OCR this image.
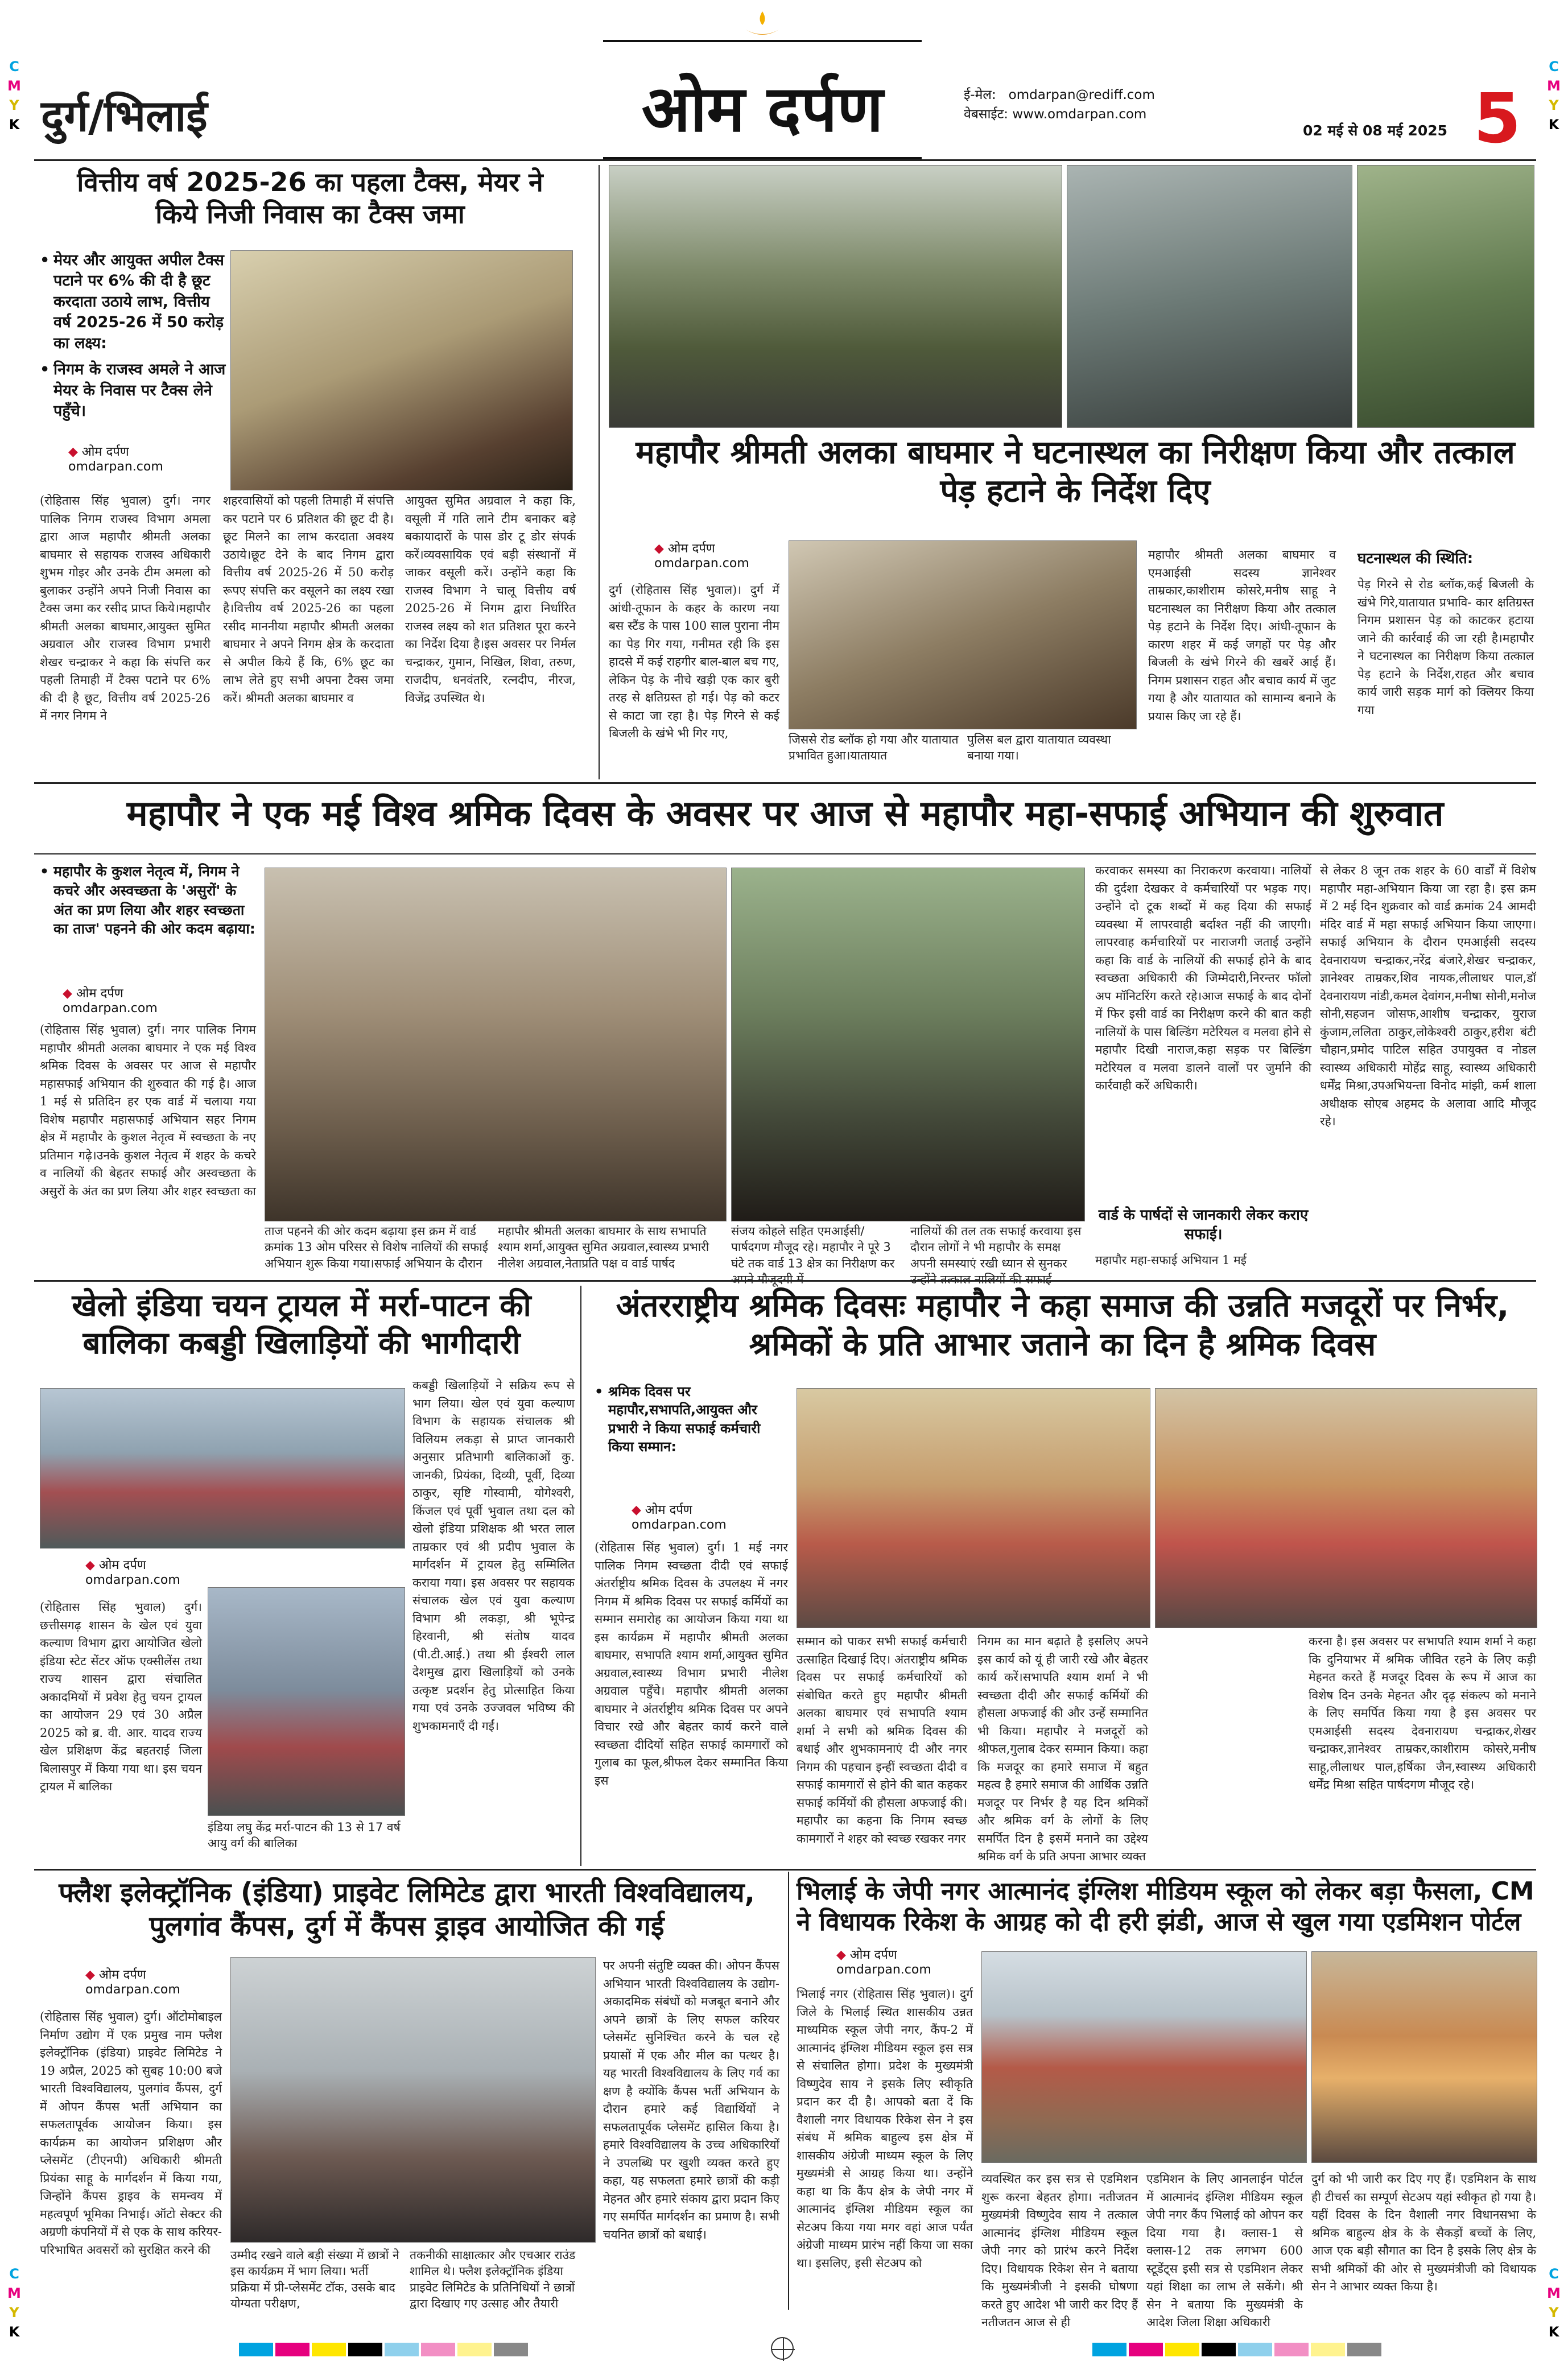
C
M
Y
K
C
M
Y
K
C
M
Y
K
C
M
Y
K
दुर्ग/भिलाई	ओम दर्पण	ई-मेल: omdarpan@rediff.com
वेबसाईट: www.omdarpan.com
02 मई से 08 मई 2025 5
वित्तीय वर्ष 2025-26 का पहला टैक्स, मेयर ने किये निजी निवास का टैक्स जमा
• मेयर और आयुक्त अपील टैक्स पटाने पर 6% की दी है छूट करदाता उठाये लाभ, वित्तीय वर्ष 2025-26 में 50 करोड़ का लक्ष्य:
• निगम के राजस्व अमले ने आज मेयर के निवास पर टैक्स लेने पहुँचे।
◆ ओम दर्पण
omdarpan.com
(रोहितास सिंह भुवाल) दुर्ग। नगर पालिक निगम राजस्व विभाग अमला द्वारा आज महापौर श्रीमती अलका बाघमार से सहायक राजस्व अधिकारी शुभम गोइर और उनके टीम अमला को बुलाकर उन्होंने अपने निजी निवास का टैक्स जमा कर रसीद प्राप्त किये।महापौर श्रीमती अलका बाघमार,आयुक्त सुमित अग्रवाल और राजस्व विभाग प्रभारी शेखर चन्द्राकर ने कहा कि संपत्ति कर पहली तिमाही में टैक्स पटाने पर 6% की दी है छूट, वित्तीय वर्ष 2025-26 में नगर निगम ने
शहरवासियों को पहली तिमाही में संपत्ति कर पटाने पर 6 प्रतिशत की छूट दी है। छूट मिलने का लाभ करदाता अवश्य उठाये।छूट देने के बाद निगम द्वारा वित्तीय वर्ष 2025-26 में 50 करोड़ रूपए संपत्ति कर वसूलने का लक्ष्य रखा है।वित्तीय वर्ष 2025-26 का पहला रसीद माननीया महापौर श्रीमती अलका बाघमार ने अपने निगम क्षेत्र के करदाता से अपील किये हैं कि, 6% छूट का लाभ लेते हुए सभी अपना टैक्स जमा करें। श्रीमती अलका बाघमार व
आयुक्त सुमित अग्रवाल ने कहा कि, वसूली में गति लाने टीम बनाकर बड़े बकायादारों के पास डोर टू डोर संपर्क करें।व्यवसायिक एवं बड़ी संस्थानों में जाकर वसूली करें। उन्होंने कहा कि राजस्व विभाग ने चालू वित्तीय वर्ष 2025-26 में निगम द्वारा निर्धारित राजस्व लक्ष्य को शत प्रतिशत पूरा करने का निर्देश दिया है।इस अवसर पर निर्मल चन्द्राकर, गुमान, निखिल, शिवा, तरुण, राजदीप, धनवंतरि, रत्नदीप, नीरज, विजेंद्र उपस्थित थे।
महापौर श्रीमती अलका बाघमार ने घटनास्थल का निरीक्षण किया और तत्काल पेड़ हटाने के निर्देश दिए
◆ ओम दर्पण
omdarpan.com
दुर्ग (रोहितास सिंह भुवाल)। दुर्ग में आंधी-तूफान के कहर के कारण नया बस स्टैंड के पास 100 साल पुराना नीम का पेड़ गिर गया, गनीमत रही कि इस हादसे में कई राहगीर बाल-बाल बच गए, लेकिन पेड़ के नीचे खड़ी एक कार बुरी तरह से क्षतिग्रस्त हो गई। पेड़ को कटर से काटा जा रहा है। पेड़ गिरने से कई बिजली के खंभे भी गिर गए,	जिससे रोड ब्लॉक हो गया और यातायात प्रभावित हुआ।यातायात
पुलिस बल द्वारा यातायात व्यवस्था बनाया गया।
महापौर श्रीमती अलका बाघमार व एमआईसी सदस्य ज्ञानेश्वर ताम्रकार,काशीराम कोसरे,मनीष साहू ने घटनास्थल का निरीक्षण किया और तत्काल पेड़ हटाने के निर्देश दिए। आंधी-तूफान के कारण शहर में कई जगहों पर पेड़ और बिजली के खंभे गिरने की खबरें आई हैं। निगम प्रशासन राहत और बचाव कार्य में जुट गया है और यातायात को सामान्य बनाने के प्रयास किए जा रहे हैं।
घटनास्थल की स्थिति:
पेड़ गिरने से रोड ब्लॉक,कई बिजली के खंभे गिरे,यातायात प्रभावि- कार क्षतिग्रस्त निगम प्रशासन पेड़ को काटकर हटाया जाने की कार्रवाई की जा रही है।महापौर ने घटनास्थल का निरीक्षण किया तत्काल पेड़ हटाने के निर्देश,राहत और बचाव कार्य जारी सड़क मार्ग को क्लियर किया गया
महापौर ने एक मई विश्व श्रमिक दिवस के अवसर पर आज से महापौर महा-सफाई अभियान की शुरुवात
• महापौर के कुशल नेतृत्व में, निगम ने कचरे और अस्वच्छता के 'असुरों' के अंत का प्रण लिया और शहर स्वच्छता का ताज' पहनने की ओर कदम बढ़ाया:
◆ ओम दर्पण
omdarpan.com
(रोहितास सिंह भुवाल) दुर्ग। नगर पालिक निगम महापौर श्रीमती अलका बाघमार ने एक मई विश्व श्रमिक दिवस के अवसर पर आज से महापौर महासफाई अभियान की शुरुवात की गई है। आज 1 मई से प्रतिदिन हर एक वार्ड में चलाया गया विशेष महापौर महासफाई अभियान सहर निगम क्षेत्र में महापौर के कुशल नेतृत्व में स्वच्छता के नए प्रतिमान गढ़े।उनके कुशल नेतृत्व में शहर के कचरे व नालियों की बेहतर सफाई और अस्वच्छता के असुरों के अंत का प्रण लिया और शहर स्वच्छता का
ताज पहनने की ओर कदम बढ़ाया इस क्रम में वार्ड क्रमांक 13 ओम परिसर से विशेष नालियों की सफाई अभियान शुरू किया गया।सफाई अभियान के दौरान
महापौर श्रीमती अलका बाघमार के साथ सभापति श्याम शर्मा,आयुक्त सुमित अग्रवाल,स्वास्थ्य प्रभारी नीलेश अग्रवाल,नेताप्रति पक्ष व वार्ड पार्षद
संजय कोहले सहित एमआईसी/पार्षदगण मौजूद रहे। महापौर ने पूरे 3 घंटे तक वार्ड 13 क्षेत्र का निरीक्षण कर
नालियों की तल तक सफाई करवाया इस दौरान लोगों ने भी महापौर के समक्ष अपनी समस्याएं रखी ध्यान से सुनकर
करवाकर समस्या का निराकरण करवाया। नालियों की दुर्दशा देखकर वे कर्मचारियों पर भड़क गए। उन्होंने दो टूक शब्दों में कह दिया की सफाई व्यवस्था में लापरवाही बर्दाश्त नहीं की जाएगी। लापरवाह कर्मचारियों पर नाराजगी जताई उन्होंने कहा कि वार्ड के नालियों की सफाई होने के बाद स्वच्छता अधिकारी की जिम्मेदारी,निरन्तर फॉलो अप मॉनिटरिंग करते रहे।आज सफाई के बाद दोनों में फिर इसी वार्ड का निरीक्षण करने की बात कही नालियों के पास बिल्डिंग मटेरियल व मलवा होने से महापौर दिखी नाराज,कहा सड़क पर बिल्डिंग मटेरियल व मलवा डालने वालों पर जुर्माने की कार्रवाही करें अधिकारी।
वार्ड के पार्षदों से जानकारी लेकर कराए सफाई।
महापौर महा-सफाई अभियान 1 मई
से लेकर 8 जून तक शहर के 60 वार्डों में विशेष महापौर महा-अभियान किया जा रहा है। इस क्रम में 2 मई दिन शुक्रवार को वार्ड क्रमांक 24 आमदी मंदिर वार्ड में महा सफाई अभियान किया जाएगा। सफाई अभियान के दौरान एमआईसी सदस्य देवनारायण चन्द्राकर,नरेंद्र बंजारे,शेखर चन्द्राकर, ज्ञानेश्वर ताम्रकर,शिव नायक,लीलाधर पाल,डॉ देवनारायण नांडी,कमल देवांगन,मनीषा सोनी,मनोज सोनी,सहजन जोसफ,आशीष चन्द्राकर, युराज कुंजाम,ललिता ठाकुर,लोकेश्वरी ठाकुर,हरीश बंटी चौहान,प्रमोद पाटिल सहित उपायुक्त व नोडल स्वास्थ्य अधिकारी मोहेंद्र साहू, स्वास्थ्य अधिकारी धर्मेंद्र मिश्रा,उपअभियन्ता विनोद मांझी, कर्म शाला अधीक्षक सोएब अहमद के अलावा आदि मौजूद रहे।
खेलो इंडिया चयन ट्रायल में मर्रा-पाटन की बालिका कबड्डी खिलाड़ियों की भागीदारी
◆ ओम दर्पण
omdarpan.com
(रोहितास सिंह भुवाल) दुर्ग। छत्तीसगढ़ शासन के खेल एवं युवा कल्याण विभाग द्वारा आयोजित खेलो इंडिया स्टेट सेंटर ऑफ एक्सीलेंस तथा राज्य शासन द्वारा संचालित अकादमियों में प्रवेश हेतु चयन ट्रायल का आयोजन 29 एवं 30 अप्रैल 2025 को ब्र. वी. आर. यादव राज्य खेल प्रशिक्षण केंद्र बहतराई जिला बिलासपुर में किया गया था। इस चयन ट्रायल में बालिका
इंडिया लघु केंद्र मर्रा-पाटन की 13 से 17 वर्ष आयु वर्ग की बालिका
कबड्डी खिलाड़ियों ने सक्रिय रूप से भाग लिया। खेल एवं युवा कल्याण विभाग के सहायक संचालक श्री विलियम लकड़ा से प्राप्त जानकारी अनुसार प्रतिभागी बालिकाओं कु. जानकी, प्रियंका, दिव्यी, पूर्वी, दिव्या ठाकुर, सृष्टि गोस्वामी, योगेश्वरी, किंजल एवं पूर्वी भुवाल तथा दल को खेलो इंडिया प्रशिक्षक श्री भरत लाल ताम्रकार एवं श्री प्रदीप भुवाल के मार्गदर्शन में ट्रायल हेतु सम्मिलित कराया गया। इस अवसर पर सहायक संचालक खेल एवं युवा कल्याण विभाग श्री लकड़ा, श्री भूपेन्द्र हिरवानी, श्री संतोष यादव (पी.टी.आई.) तथा श्री ईश्वरी लाल देशमुख द्वारा खिलाड़ियों को उनके उत्कृष्ट प्रदर्शन हेतु प्रोत्साहित किया गया एवं उनके उज्जवल भविष्य की शुभकामनाएँ दी गईं।
अंतरराष्ट्रीय श्रमिक दिवसः महापौर ने कहा समाज की उन्नति मजदूरों पर निर्भर, श्रमिकों के प्रति आभार जताने का दिन है श्रमिक दिवस
• श्रमिक दिवस पर महापौर,सभापति,आयुक्त और प्रभारी ने किया सफाई कर्मचारी किया सम्मान:
◆ ओम दर्पण
omdarpan.com
(रोहितास सिंह भुवाल) दुर्ग। 1 मई नगर पालिक निगम स्वच्छता दीदी एवं सफाई अंतर्राष्ट्रीय श्रमिक दिवस के उपलक्ष्य में नगर निगम में श्रमिक दिवस पर सफाई कर्मियों का सम्मान समारोह का आयोजन किया गया था इस कार्यक्रम में महापौर श्रीमती अलका बाघमार, सभापति श्याम शर्मा,आयुक्त सुमित अग्रवाल,स्वास्थ्य विभाग प्रभारी नीलेश अग्रवाल पहुँचे। महापौर श्रीमती अलका बाघमार ने अंतर्राष्ट्रीय श्रमिक दिवस पर अपने विचार रखे और बेहतर कार्य करने वाले स्वच्छता दीदियों सहित सफाई कामगारों को गुलाब का फूल,श्रीफल देकर सम्मानित किया इस
सम्मान को पाकर सभी सफाई कर्मचारी उत्साहित दिखाई दिए। अंतराष्ट्रीय श्रमिक दिवस पर सफाई कर्मचारियों को संबोधित करते हुए महापौर श्रीमती अलका बाघमार एवं सभापति श्याम शर्मा ने सभी को श्रमिक दिवस की बधाई और शुभकामनाएं दी और नगर निगम की पहचान इन्हीं स्वच्छता दीदी व सफाई कामगारों से होने की बात कहकर सफाई कर्मियों की हौसला अफजाई की। महापौर का कहना कि निगम स्वच्छ कामगारों ने शहर को स्वच्छ रखकर नगर
निगम का मान बढ़ाते है इसलिए अपने इस कार्य को यूं ही जारी रखे और बेहतर कार्य करें।सभापति श्याम शर्मा ने भी स्वच्छता दीदी और सफाई कर्मियों की हौसला अफजाई की और उन्हें सम्मानित भी किया। महापौर ने मजदूरों को श्रीफल,गुलाब देकर सम्मान किया। कहा कि मजदूर का हमारे समाज में बहुत महत्व है हमारे समाज की आर्थिक उन्नति मजदूर पर निर्भर है यह दिन श्रमिकों और श्रमिक वर्ग के लोगों के लिए समर्पित दिन है इसमें मनाने का उद्देश्य श्रमिक वर्ग के प्रति अपना आभार व्यक्त
करना है। इस अवसर पर सभापति श्याम शर्मा ने कहा कि दुनियाभर में श्रमिक जीवित रहने के लिए कड़ी मेहनत करते हैं मजदूर दिवस के रूप में आज का विशेष दिन उनके मेहनत और दृढ़ संकल्प को मनाने के लिए समर्पित किया गया है इस अवसर पर एमआईसी सदस्य देवनारायण चन्द्राकर,शेखर चन्द्राकर,ज्ञानेश्वर ताम्रकर,काशीराम कोसरे,मनीष साहू,लीलाधर पाल,हर्षिका जैन,स्वास्थ्य अधिकारी धर्मेंद्र मिश्रा सहित पार्षदगण मौजूद रहे।
फ्लैश इलेक्ट्रॉनिक (इंडिया) प्राइवेट लिमिटेड द्वारा भारती विश्वविद्यालय, पुलगांव कैंपस, दुर्ग में कैंपस ड्राइव आयोजित की गई
◆ ओम दर्पण
omdarpan.com
(रोहितास सिंह भुवाल) दुर्ग। ऑटोमोबाइल निर्माण उद्योग में एक प्रमुख नाम फ्लैश इलेक्ट्रॉनिक (इंडिया) प्राइवेट लिमिटेड ने 19 अप्रैल, 2025 को सुबह 10:00 बजे भारती विश्वविद्यालय, पुलगांव कैंपस, दुर्ग में ओपन कैंपस भर्ती अभियान का सफलतापूर्वक आयोजन किया। इस कार्यक्रम का आयोजन प्रशिक्षण और प्लेसमेंट (टीएनपी) अधिकारी श्रीमती प्रियंका साहू के मार्गदर्शन में किया गया, जिन्होंने कैंपस ड्राइव के समन्वय में महत्वपूर्ण भूमिका निभाई। ऑटो सेक्टर की अग्रणी कंपनियों में से एक के साथ करियर-परिभाषित अवसरों को सुरक्षित करने की	उम्मीद रखने वाले बड़ी संख्या में छात्रों ने इस कार्यक्रम में भाग लिया। भर्ती प्रक्रिया में प्री-प्लेसमेंट टॉक, उसके बाद योग्यता परीक्षण,
तकनीकी साक्षात्कार और एचआर राउंड शामिल थे। फ्लैश इलेक्ट्रॉनिक इंडिया प्राइवेट लिमिटेड के प्रतिनिधियों ने छात्रों द्वारा दिखाए गए उत्साह और तैयारी
पर अपनी संतुष्टि व्यक्त की। ओपन कैंपस अभियान भारती विश्वविद्यालय के उद्योग-अकादमिक संबंधों को मजबूत बनाने और अपने छात्रों के लिए सफल करियर प्लेसमेंट सुनिश्चित करने के चल रहे प्रयासों में एक और मील का पत्थर है। यह भारती विश्वविद्यालय के लिए गर्व का क्षण है क्योंकि कैंपस भर्ती अभियान के दौरान हमारे कई विद्यार्थियों ने सफलतापूर्वक प्लेसमेंट हासिल किया है। हमारे विश्वविद्यालय के उच्च अधिकारियों ने उपलब्धि पर खुशी व्यक्त करते हुए कहा, यह सफलता हमारे छात्रों की कड़ी मेहनत और हमारे संकाय द्वारा प्रदान किए गए समर्पित मार्गदर्शन का प्रमाण है। सभी चयनित छात्रों को बधाई।
भिलाई के जेपी नगर आत्मानंद इंग्लिश मीडियम स्कूल को लेकर बड़ा फैसला, CM ने विधायक रिकेश के आग्रह को दी हरी झंडी, आज से खुल गया एडमिशन पोर्टल
◆ ओम दर्पण
omdarpan.com
भिलाई नगर (रोहितास सिंह भुवाल)। दुर्ग जिले के भिलाई स्थित शासकीय उन्नत माध्यमिक स्कूल जेपी नगर, कैंप-2 में आत्मानंद इंग्लिश मीडियम स्कूल इस सत्र से संचालित होगा। प्रदेश के मुख्यमंत्री विष्णुदेव साय ने इसके लिए स्वीकृति प्रदान कर दी है। आपको बता दें कि वैशाली नगर विधायक रिकेश सेन ने इस संबंध में श्रमिक बाहुल्य इस क्षेत्र में शासकीय अंग्रेजी माध्यम स्कूल के लिए मुख्यमंत्री से आग्रह किया था। उन्होंने कहा था कि कैंप क्षेत्र के जेपी नगर में आत्मानंद इंग्लिश मीडियम स्कूल का सेटअप किया गया मगर वहां आज पर्यंत अंग्रेजी माध्यम प्रारंभ नहीं किया जा सका था। इसलिए, इसी सेटअप को
व्यवस्थित कर इस सत्र से एडमिशन शुरू करना बेहतर होगा। नतीजतन मुख्यमंत्री विष्णुदेव साय ने तत्काल आत्मानंद इंग्लिश मीडियम स्कूल जेपी नगर को प्रारंभ करने निर्देश दिए। विधायक रिकेश सेन ने बताया कि मुख्यमंत्रीजी ने इसकी घोषणा करते हुए आदेश भी जारी कर दिए हैं नतीजतन आज से ही
एडमिशन के लिए आनलाईन पोर्टल में आत्मानंद इंग्लिश मीडियम स्कूल जेपी नगर कैंप भिलाई को ओपन कर दिया गया है। क्लास-1 से क्लास-12 तक लगभग 600 स्टूडेंट्स इसी सत्र से एडमिशन लेकर यहां शिक्षा का लाभ ले सकेंगे। श्री सेन ने बताया कि मुख्यमंत्री के आदेश जिला शिक्षा अधिकारी
दुर्ग को भी जारी कर दिए गए हैं। एडमिशन के साथ ही टीचर्स का सम्पूर्ण सेटअप यहां स्वीकृत हो गया है। यहीं दिवस के दिन वैशाली नगर विधानसभा के श्रमिक बाहुल्य क्षेत्र के के सैकड़ों बच्चों के लिए, आज एक बड़ी सौगात का दिन है इसके लिए क्षेत्र के सभी श्रमिकों की ओर से मुख्यमंत्रीजी को विधायक सेन ने आभार व्यक्त किया है।
